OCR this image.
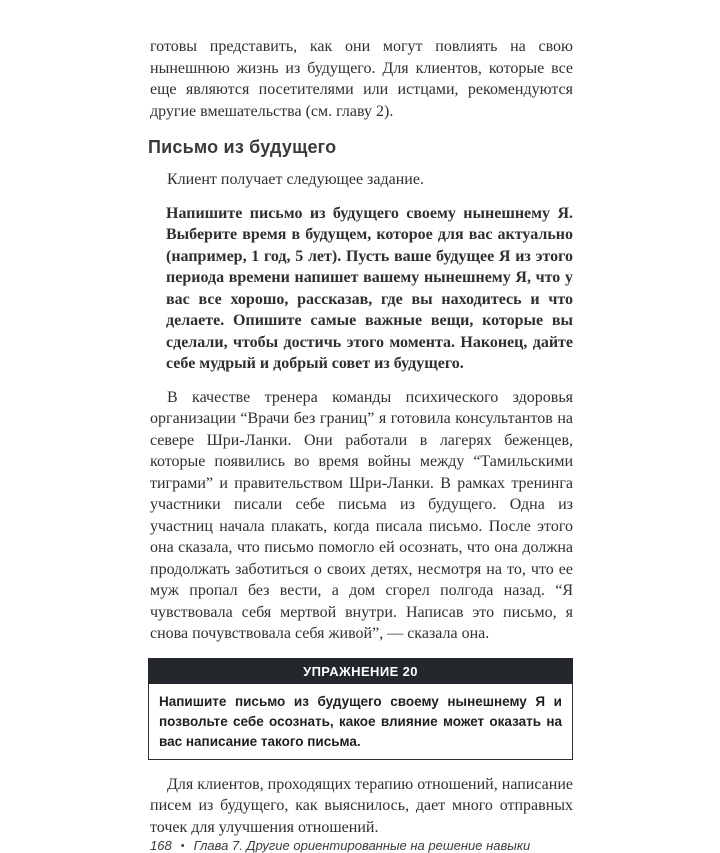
готовы представить, как они могут повлиять на свою нынешнюю жизнь из будущего. Для клиентов, которые все еще являются посетителями или истцами, рекомендуются другие вмешательства (см. главу 2).

Письмо из будущего

Клиент получает следующее задание.

Напишите письмо из будущего своему нынешнему Я. Выберите время в будущем, которое для вас актуально (например, 1 год, 5 лет). Пусть ваше будущее Я из этого периода времени напишет вашему нынешнему Я, что у вас все хорошо, рассказав, где вы находитесь и что делаете. Опишите самые важные вещи, которые вы сделали, чтобы достичь этого момента. Наконец, дайте себе мудрый и добрый совет из будущего.

В качестве тренера команды психического здоровья организации “Врачи без границ” я готовила консультантов на севере Шри-Ланки. Они работали в лагерях беженцев, которые появились во время войны между “Тамильскими тиграми” и правительством Шри-Ланки. В рамках тренинга участники писали себе письма из будущего. Одна из участниц начала плакать, когда писала письмо. После этого она сказала, что письмо помогло ей осознать, что она должна продолжать заботиться о своих детях, несмотря на то, что ее муж пропал без вести, а дом сгорел полгода назад. “Я чувствовала себя мертвой внутри. Написав это письмо, я снова почувствовала себя живой”, — сказала она.

УПРАЖНЕНИЕ 20
Напишите письмо из будущего своему нынешнему Я и позвольте себе осознать, какое влияние может оказать на вас написание такого письма.

Для клиентов, проходящих терапию отношений, написание писем из будущего, как выяснилось, дает много отправных точек для улучшения отношений.

168 • Глава 7. Другие ориентированные на решение навыки
